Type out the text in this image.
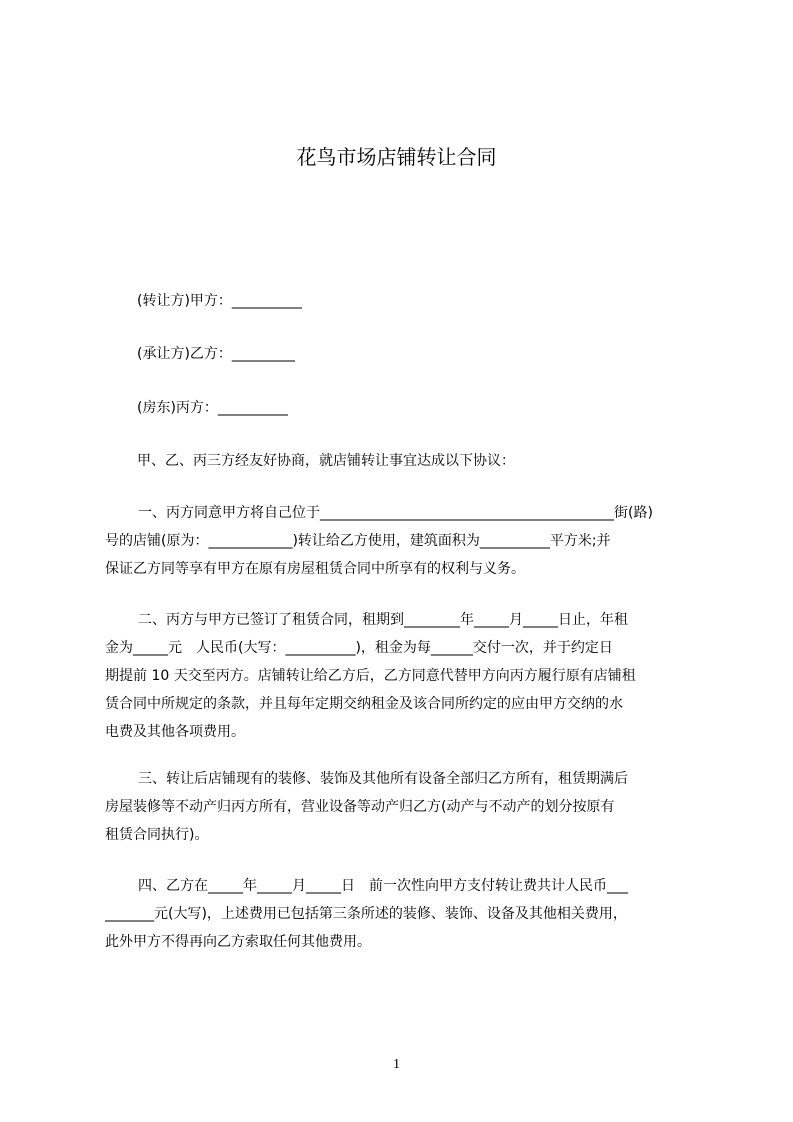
花鸟市场店铺转让合同
(转让方)甲方：__________
(承让方)乙方：_________
(房东)丙方：__________
甲、乙、丙三方经友好协商，就店铺转让事宜达成以下协议：
一、丙方同意甲方将自己位于__________________________________________街(路)
号的店铺(原为：____________)转让给乙方使用，建筑面积为__________平方米;并
保证乙方同等享有甲方在原有房屋租赁合同中所享有的权利与义务。
二、丙方与甲方已签订了租赁合同，租期到________年_____月_____日止，年租
金为_____元　人民币(大写：__________)，租金为每______交付一次，并于约定日
期提前 10 天交至丙方。店铺转让给乙方后，乙方同意代替甲方向丙方履行原有店铺租
赁合同中所规定的条款，并且每年定期交纳租金及该合同所约定的应由甲方交纳的水
电费及其他各项费用。
三、转让后店铺现有的装修、装饰及其他所有设备全部归乙方所有，租赁期满后
房屋装修等不动产归丙方所有，营业设备等动产归乙方(动产与不动产的划分按原有
租赁合同执行)。
四、乙方在_____年_____月_____日　前一次性向甲方支付转让费共计人民币___
_______元(大写)，上述费用已包括第三条所述的装修、装饰、设备及其他相关费用，
此外甲方不得再向乙方索取任何其他费用。
1
